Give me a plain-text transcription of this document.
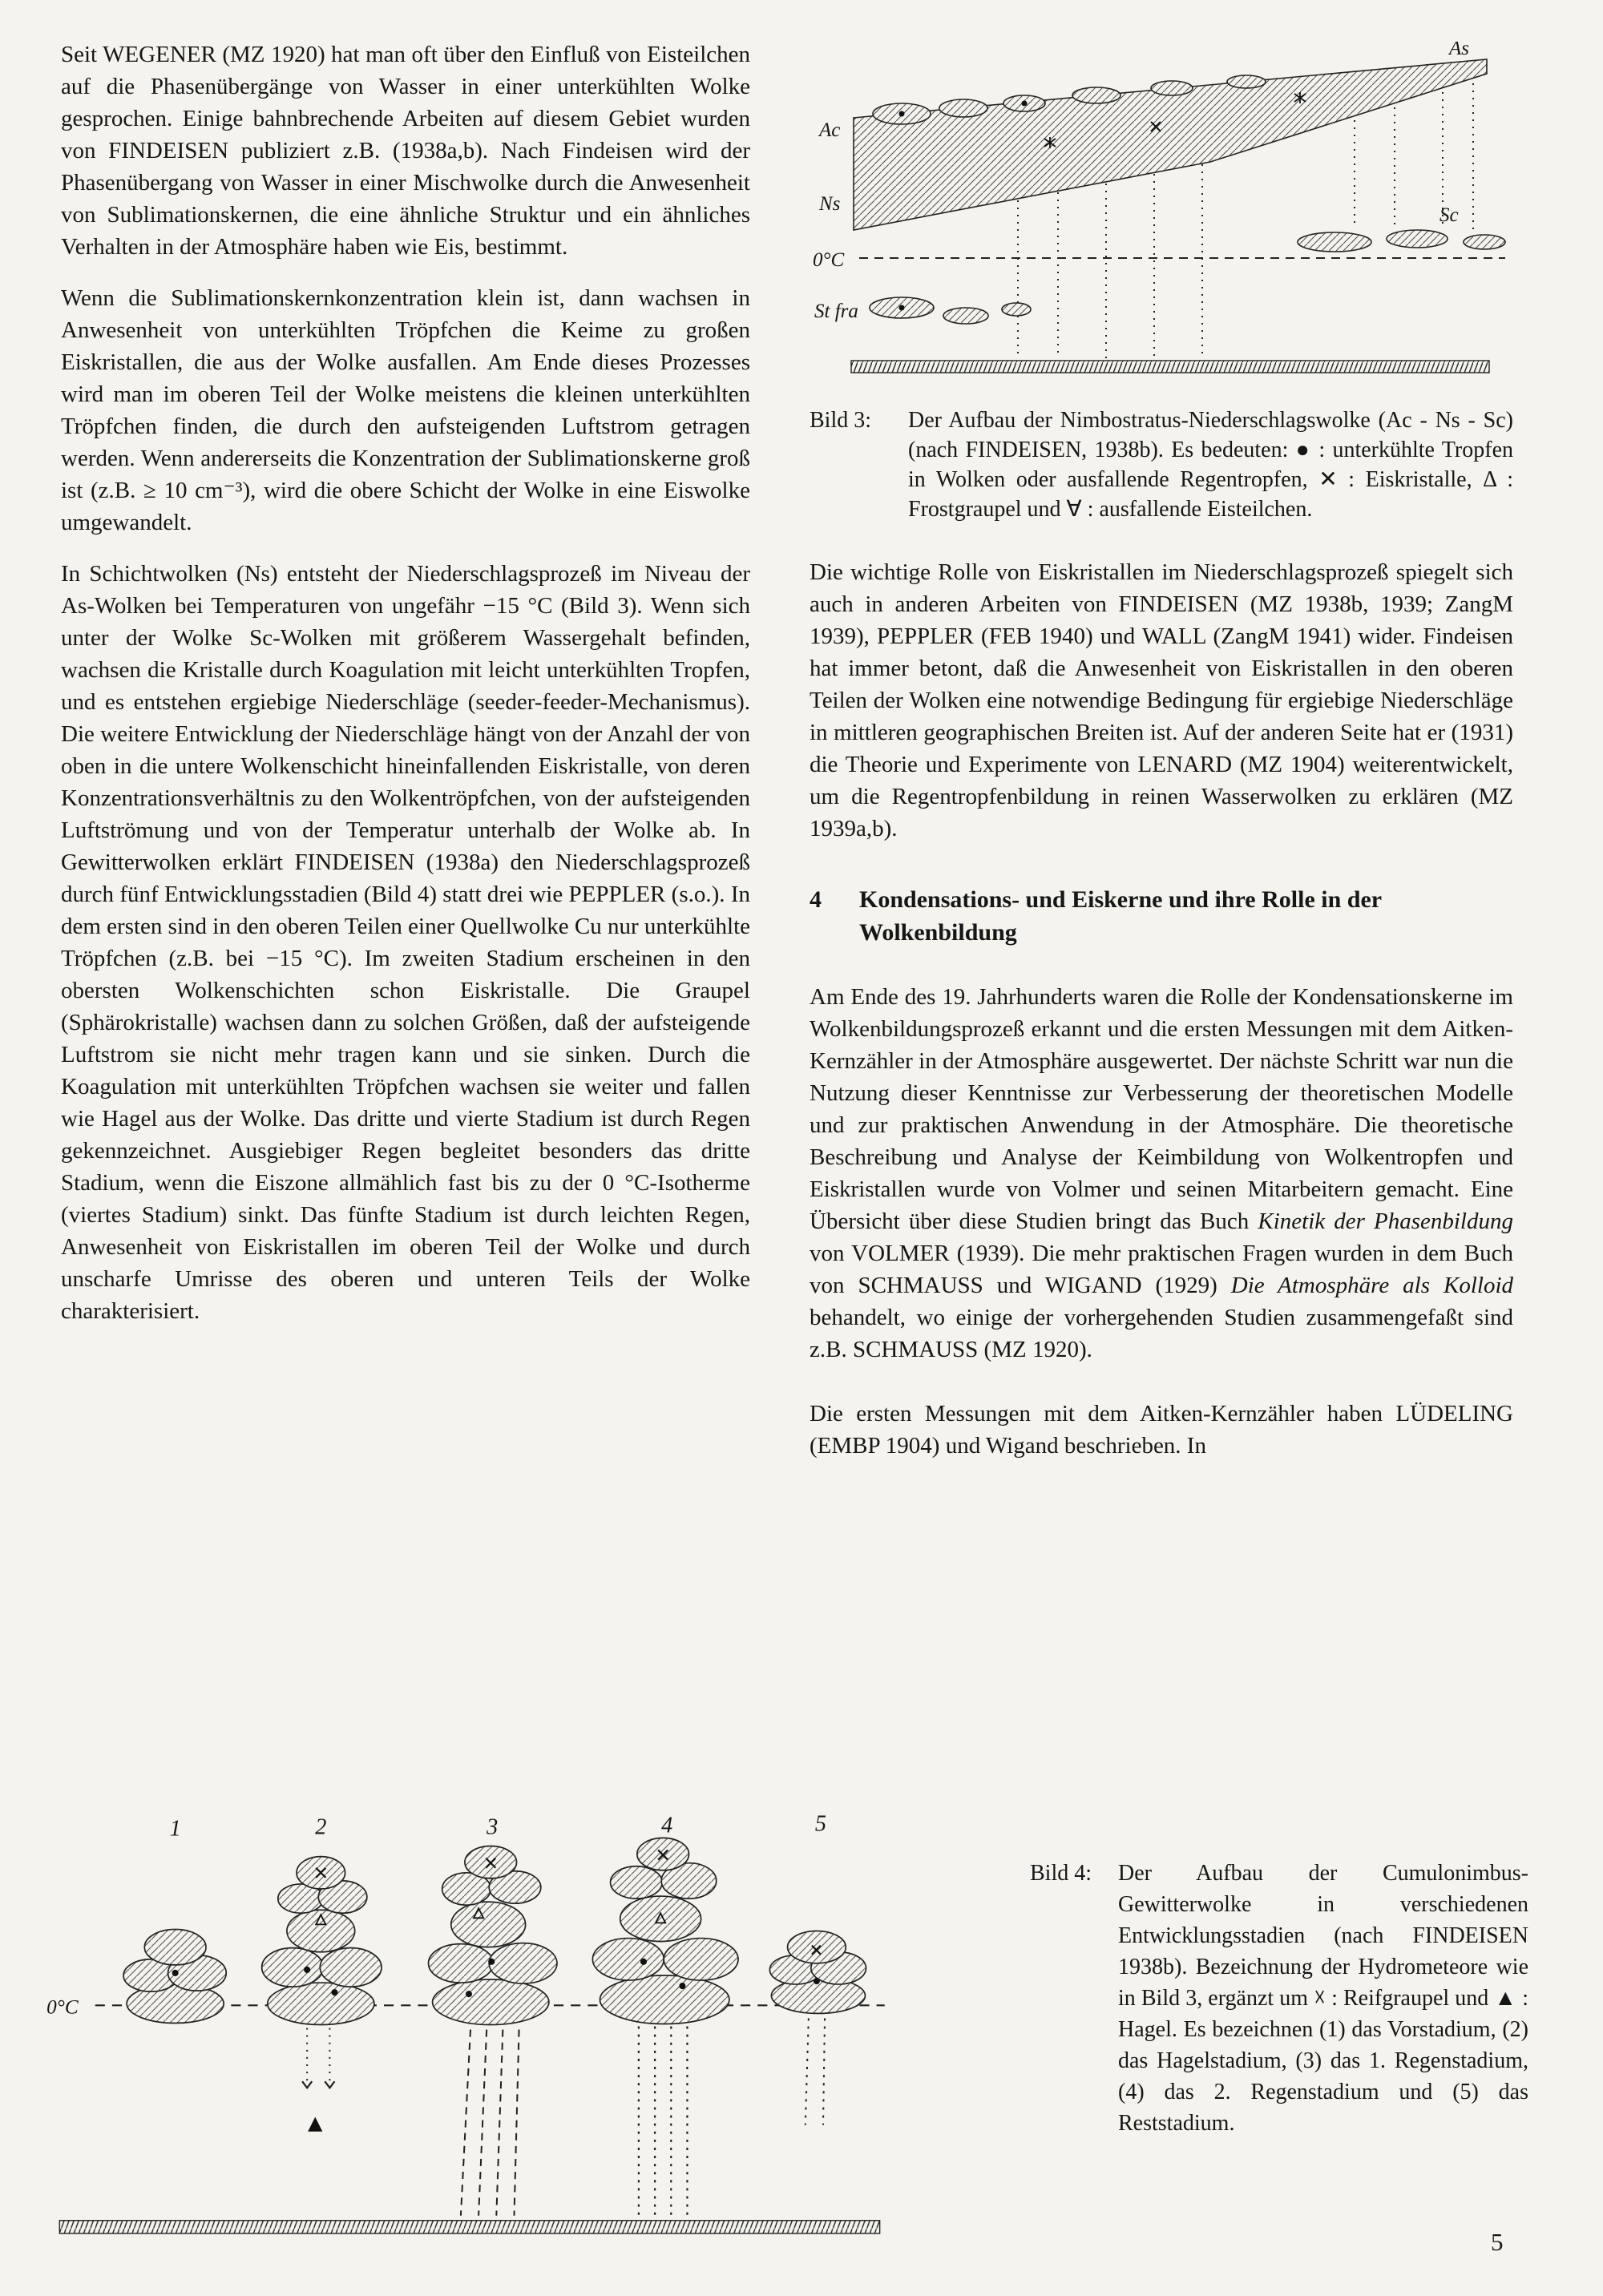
Seit WEGENER (MZ 1920) hat man oft über den Einfluß von Eisteilchen auf die Phasenübergänge von Wasser in einer unterkühlten Wolke gesprochen. Einige bahnbrechende Arbeiten auf diesem Gebiet wurden von FINDEISEN publiziert z.B. (1938a,b). Nach Findeisen wird der Phasenübergang von Wasser in einer Mischwolke durch die Anwesenheit von Sublimationskernen, die eine ähnliche Struktur und ein ähnliches Verhalten in der Atmosphäre haben wie Eis, bestimmt.

Wenn die Sublimationskernkonzentration klein ist, dann wachsen in Anwesenheit von unterkühlten Tröpfchen die Keime zu großen Eiskristallen, die aus der Wolke ausfallen. Am Ende dieses Prozesses wird man im oberen Teil der Wolke meistens die kleinen unterkühlten Tröpfchen finden, die durch den aufsteigenden Luftstrom getragen werden. Wenn andererseits die Konzentration der Sublimationskerne groß ist (z.B. ≥ 10 cm⁻³), wird die obere Schicht der Wolke in eine Eiswolke umgewandelt.

In Schichtwolken (Ns) entsteht der Niederschlagsprozeß im Niveau der As-Wolken bei Temperaturen von ungefähr −15 °C (Bild 3). Wenn sich unter der Wolke Sc-Wolken mit größerem Wassergehalt befinden, wachsen die Kristalle durch Koagulation mit leicht unterkühlten Tropfen, und es entstehen ergiebige Niederschläge (seeder-feeder-Mechanismus). Die weitere Entwicklung der Niederschläge hängt von der Anzahl der von oben in die untere Wolkenschicht hineinfallenden Eiskristalle, von deren Konzentrationsverhältnis zu den Wolkentröpfchen, von der aufsteigenden Luftströmung und von der Temperatur unterhalb der Wolke ab. In Gewitterwolken erklärt FINDEISEN (1938a) den Niederschlagsprozeß durch fünf Entwicklungsstadien (Bild 4) statt drei wie PEPPLER (s.o.). In dem ersten sind in den oberen Teilen einer Quellwolke Cu nur unterkühlte Tröpfchen (z.B. bei −15 °C). Im zweiten Stadium erscheinen in den obersten Wolkenschichten schon Eiskristalle. Die Graupel (Sphärokristalle) wachsen dann zu solchen Größen, daß der aufsteigende Luftstrom sie nicht mehr tragen kann und sie sinken. Durch die Koagulation mit unterkühlten Tröpfchen wachsen sie weiter und fallen wie Hagel aus der Wolke. Das dritte und vierte Stadium ist durch Regen gekennzeichnet. Ausgiebiger Regen begleitet besonders das dritte Stadium, wenn die Eiszone allmählich fast bis zu der 0 °C-Isotherme (viertes Stadium) sinkt. Das fünfte Stadium ist durch leichten Regen, Anwesenheit von Eiskristallen im oberen Teil der Wolke und durch unscharfe Umrisse des oberen und unteren Teils der Wolke charakterisiert.

Ac
Ns
0°C
St fra
As
Sc
Bild 3:	Der Aufbau der Nimbostratus-Niederschlagswolke (Ac - Ns - Sc) (nach FINDEISEN, 1938b). Es bedeuten: ● : unterkühlte Tropfen in Wolken oder ausfallende Regentropfen, ✕ : Eiskristalle, Δ : Frostgraupel und ∀ : ausfallende Eisteilchen.

Die wichtige Rolle von Eiskristallen im Niederschlagsprozeß spiegelt sich auch in anderen Arbeiten von FINDEISEN (MZ 1938b, 1939; ZangM 1939), PEPPLER (FEB 1940) und WALL (ZangM 1941) wider. Findeisen hat immer betont, daß die Anwesenheit von Eiskristallen in den oberen Teilen der Wolken eine notwendige Bedingung für ergiebige Niederschläge in mittleren geographischen Breiten ist. Auf der anderen Seite hat er (1931) die Theorie und Experimente von LENARD (MZ 1904) weiterentwickelt, um die Regentropfenbildung in reinen Wasserwolken zu erklären (MZ 1939a,b).

4	Kondensations- und Eiskerne und ihre Rolle in der Wolkenbildung

Am Ende des 19. Jahrhunderts waren die Rolle der Kondensationskerne im Wolkenbildungsprozeß erkannt und die ersten Messungen mit dem Aitken-Kernzähler in der Atmosphäre ausgewertet. Der nächste Schritt war nun die Nutzung dieser Kenntnisse zur Verbesserung der theoretischen Modelle und zur praktischen Anwendung in der Atmosphäre. Die theoretische Beschreibung und Analyse der Keimbildung von Wolkentropfen und Eiskristallen wurde von Volmer und seinen Mitarbeitern gemacht. Eine Übersicht über diese Studien bringt das Buch Kinetik der Phasenbildung von VOLMER (1939). Die mehr praktischen Fragen wurden in dem Buch von SCHMAUSS und WIGAND (1929) Die Atmosphäre als Kolloid behandelt, wo einige der vorhergehenden Studien zusammengefaßt sind z.B. SCHMAUSS (MZ 1920).

Die ersten Messungen mit dem Aitken-Kernzähler haben LÜDELING (EMBP 1904) und Wigand beschrieben. In

1	2	3	4	5
0°C
Bild 4:	Der Aufbau der Cumulonimbus-Gewitterwolke in verschiedenen Entwicklungsstadien (nach FINDEISEN 1938b). Bezeichnung der Hydrometeore wie in Bild 3, ergänzt um ☓ : Reifgraupel und ▲ : Hagel. Es bezeichnen (1) das Vorstadium, (2) das Hagelstadium, (3) das 1. Regenstadium, (4) das 2. Regenstadium und (5) das Reststadium.
5
